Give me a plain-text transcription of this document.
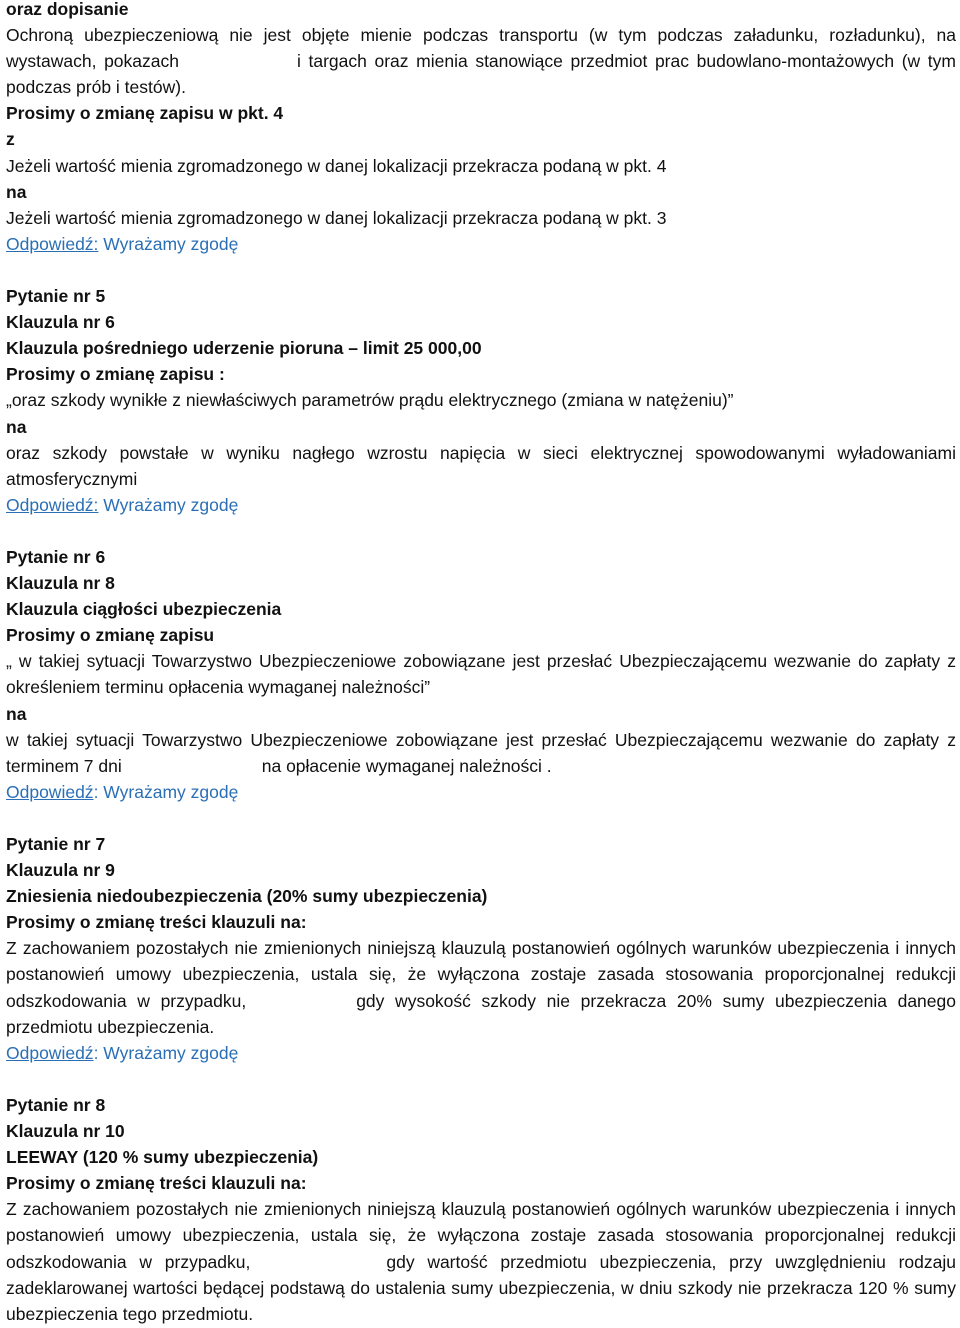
oraz dopisanie

Ochroną ubezpieczeniową nie jest objęte mienie podczas transportu (w tym podczas załadunku, rozładunku), na wystawach, pokazach	i targach oraz mienia stanowiące przedmiot prac budowlano-montażowych (w tym podczas prób i testów).

Prosimy o zmianę zapisu w pkt. 4

z

Jeżeli wartość mienia zgromadzonego w danej lokalizacji przekracza podaną w pkt. 4

na

Jeżeli wartość mienia zgromadzonego w danej lokalizacji przekracza podaną w pkt. 3

Odpowiedź: Wyrażamy zgodę

Pytanie nr 5

Klauzula nr 6

Klauzula pośredniego uderzenie pioruna – limit 25 000,00

Prosimy o zmianę zapisu :

„oraz szkody wynikłe z niewłaściwych parametrów prądu elektrycznego (zmiana w natężeniu)”

na

oraz szkody powstałe w wyniku nagłego wzrostu napięcia w sieci elektrycznej spowodowanymi wyładowaniami atmosferycznymi

Odpowiedź: Wyrażamy zgodę

Pytanie nr 6

Klauzula nr 8

Klauzula ciągłości ubezpieczenia

Prosimy o zmianę zapisu

„ w takiej sytuacji Towarzystwo Ubezpieczeniowe zobowiązane jest przesłać Ubezpieczającemu wezwanie do zapłaty z określeniem terminu opłacenia wymaganej należności”

na

w takiej sytuacji Towarzystwo Ubezpieczeniowe zobowiązane jest przesłać Ubezpieczającemu wezwanie do zapłaty z terminem 7 dni	na opłacenie wymaganej należności .

Odpowiedź: Wyrażamy zgodę

Pytanie nr 7

Klauzula nr 9

Zniesienia niedoubezpieczenia (20% sumy ubezpieczenia)

Prosimy o zmianę treści klauzuli na:

Z zachowaniem pozostałych nie zmienionych niniejszą klauzulą postanowień ogólnych warunków ubezpieczenia i innych postanowień umowy ubezpieczenia, ustala się, że wyłączona zostaje zasada stosowania proporcjonalnej redukcji odszkodowania w przypadku,	gdy wysokość szkody nie przekracza 20% sumy ubezpieczenia danego przedmiotu ubezpieczenia.

Odpowiedź: Wyrażamy zgodę

Pytanie nr 8

Klauzula nr 10

LEEWAY (120 % sumy ubezpieczenia)

Prosimy o zmianę treści klauzuli na:

Z zachowaniem pozostałych nie zmienionych niniejszą klauzulą postanowień ogólnych warunków ubezpieczenia i innych postanowień umowy ubezpieczenia, ustala się, że wyłączona zostaje zasada stosowania proporcjonalnej redukcji odszkodowania w przypadku,	gdy wartość przedmiotu ubezpieczenia, przy uwzględnieniu rodzaju zadeklarowanej wartości będącej podstawą do ustalenia sumy ubezpieczenia, w dniu szkody nie przekracza 120 % sumy ubezpieczenia tego przedmiotu.
